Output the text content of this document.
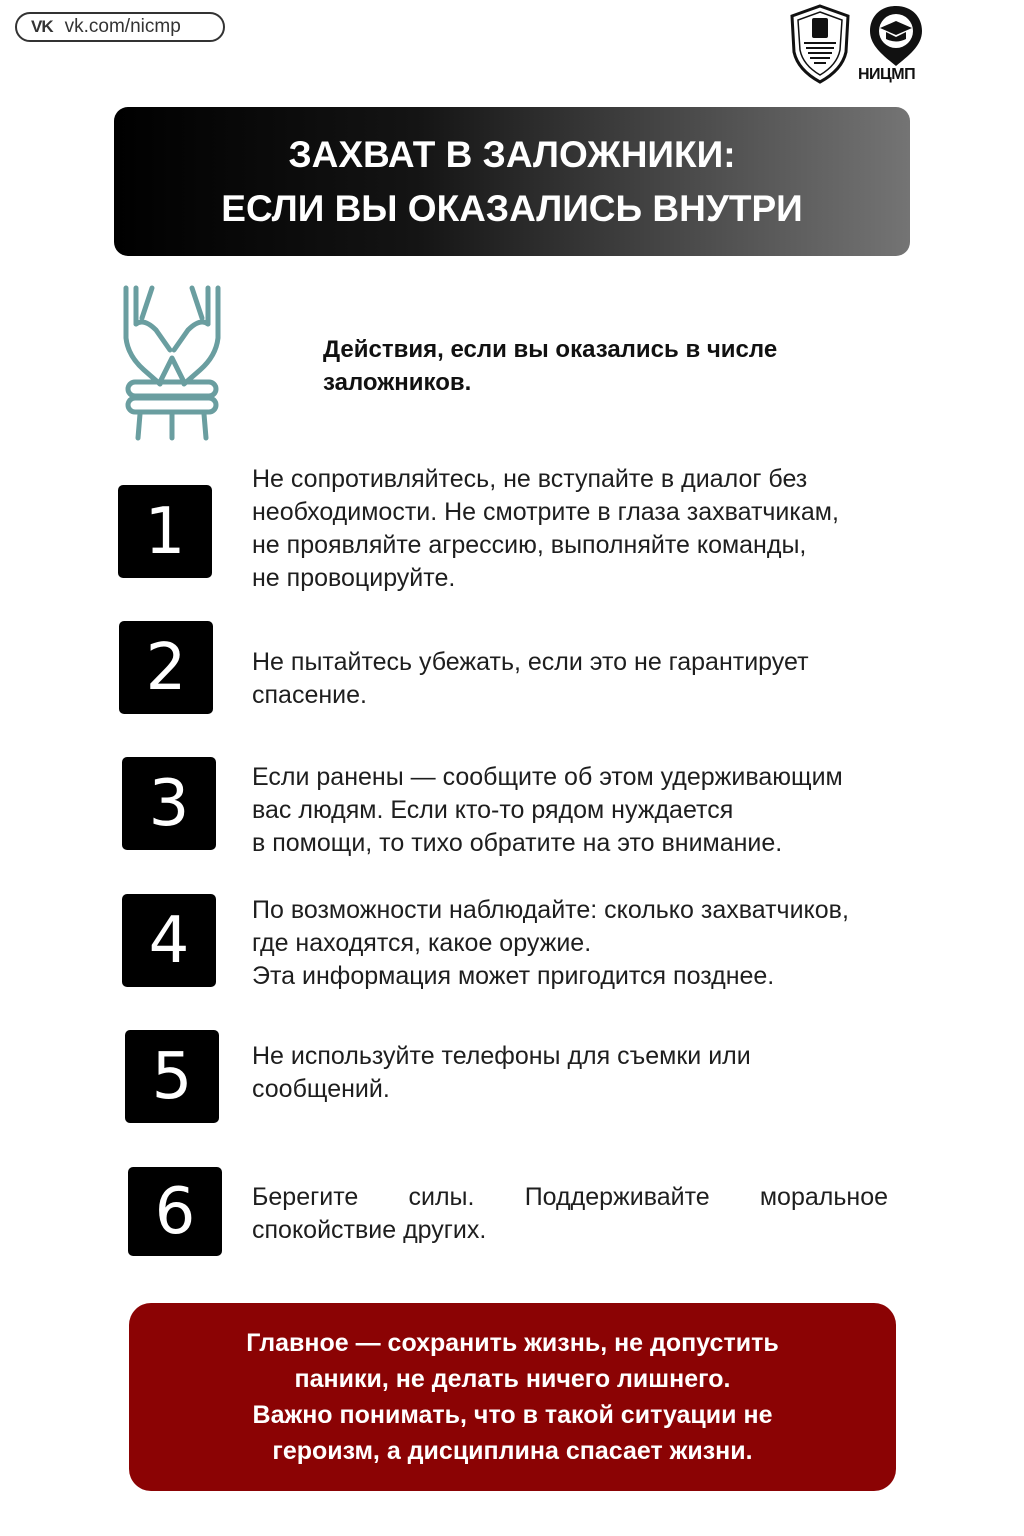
VK vk.com/nicmp
НИЦМП
ЗАХВАТ В ЗАЛОЖНИКИ:
ЕСЛИ ВЫ ОКАЗАЛИСЬ ВНУТРИ
Действия, если вы оказались в числе заложников.
1
Не сопротивляйтесь, не вступайте в диалог без
необходимости. Не смотрите в глаза захватчикам,
не проявляйте агрессию, выполняйте команды,
не провоцируйте.
2	Не пытайтесь убежать, если это не гарантирует
спасение.
3	Если ранены — сообщите об этом удерживающим
вас людям. Если кто-то рядом нуждается
в помощи, то тихо обратите на это внимание.
4	По возможности наблюдайте: сколько захватчиков,
где находятся, какое оружие.
Эта информация может пригодится позднее.
5	Не используйте телефоны для съемки или
сообщений.
6	Берегите силы. Поддерживайте моральное спокойствие других.
Главное — сохранить жизнь, не допустить
паники, не делать ничего лишнего.
Важно понимать, что в такой ситуации не
героизм, а дисциплина спасает жизни.
